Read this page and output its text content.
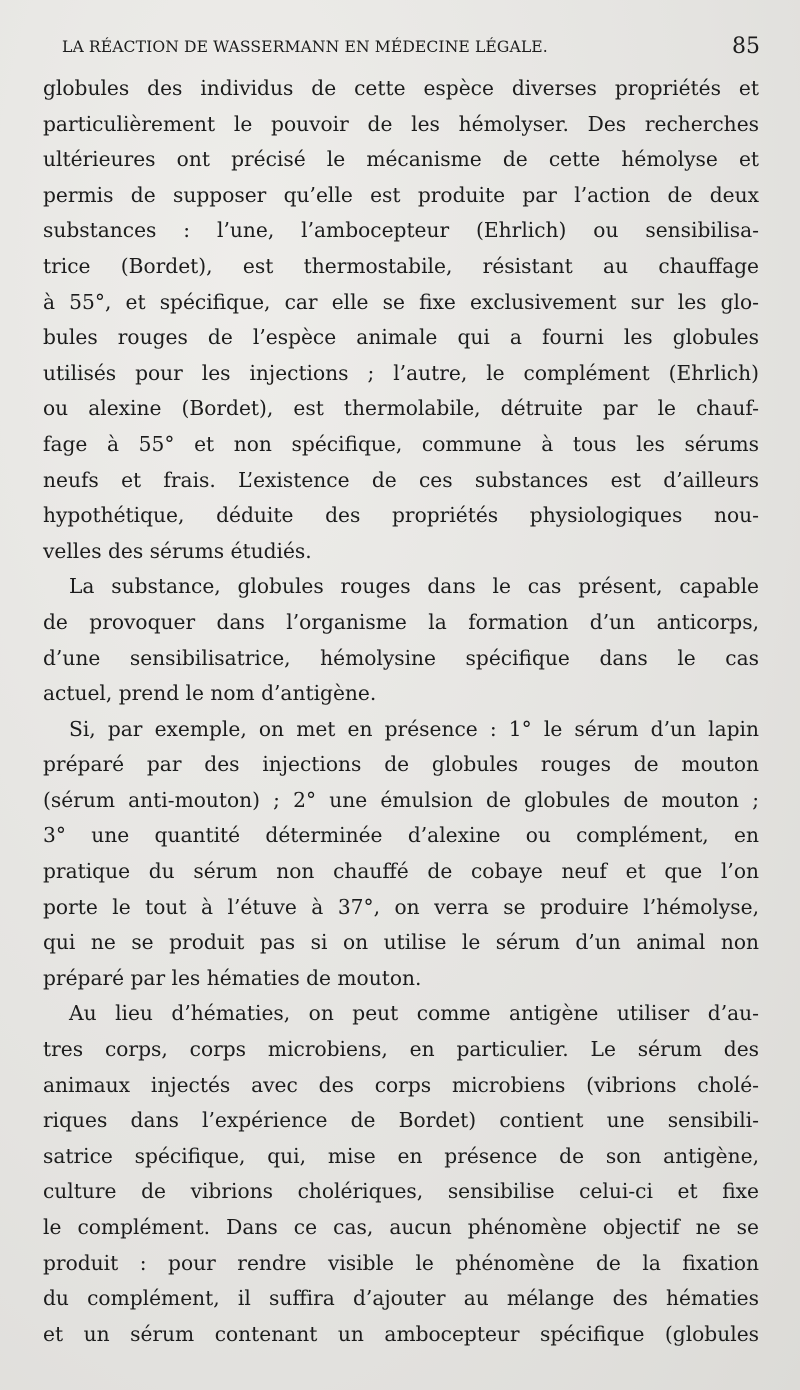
LA RÉACTION DE WASSERMANN EN MÉDECINE LÉGALE.	85
globules des individus de cette espèce diverses propriétés et
particulièrement le pouvoir de les hémolyser. Des recherches
ultérieures ont précisé le mécanisme de cette hémolyse et
permis de supposer qu’elle est produite par l’action de deux
substances : l’une, l’ambocepteur (Ehrlich) ou sensibilisa-
trice (Bordet), est thermostabile, résistant au chauffage
à 55°, et spécifique, car elle se fixe exclusivement sur les glo-
bules rouges de l’espèce animale qui a fourni les globules
utilisés pour les injections ; l’autre, le complément (Ehrlich)
ou alexine (Bordet), est thermolabile, détruite par le chauf-
fage à 55° et non spécifique, commune à tous les sérums
neufs et frais. L’existence de ces substances est d’ailleurs
hypothétique, déduite des propriétés physiologiques nou-
velles des sérums étudiés.
La substance, globules rouges dans le cas présent, capable
de provoquer dans l’organisme la formation d’un anticorps,
d’une sensibilisatrice, hémolysine spécifique dans le cas
actuel, prend le nom d’antigène.
Si, par exemple, on met en présence : 1° le sérum d’un lapin
préparé par des injections de globules rouges de mouton
(sérum anti-mouton) ; 2° une émulsion de globules de mouton ;
3° une quantité déterminée d’alexine ou complément, en
pratique du sérum non chauffé de cobaye neuf et que l’on
porte le tout à l’étuve à 37°, on verra se produire l’hémolyse,
qui ne se produit pas si on utilise le sérum d’un animal non
préparé par les hématies de mouton.
Au lieu d’hématies, on peut comme antigène utiliser d’au-
tres corps, corps microbiens, en particulier. Le sérum des
animaux injectés avec des corps microbiens (vibrions cholé-
riques dans l’expérience de Bordet) contient une sensibili-
satrice spécifique, qui, mise en présence de son antigène,
culture de vibrions cholériques, sensibilise celui-ci et fixe
le complément. Dans ce cas, aucun phénomène objectif ne se
produit : pour rendre visible le phénomène de la fixation
du complément, il suffira d’ajouter au mélange des hématies
et un sérum contenant un ambocepteur spécifique (globules
